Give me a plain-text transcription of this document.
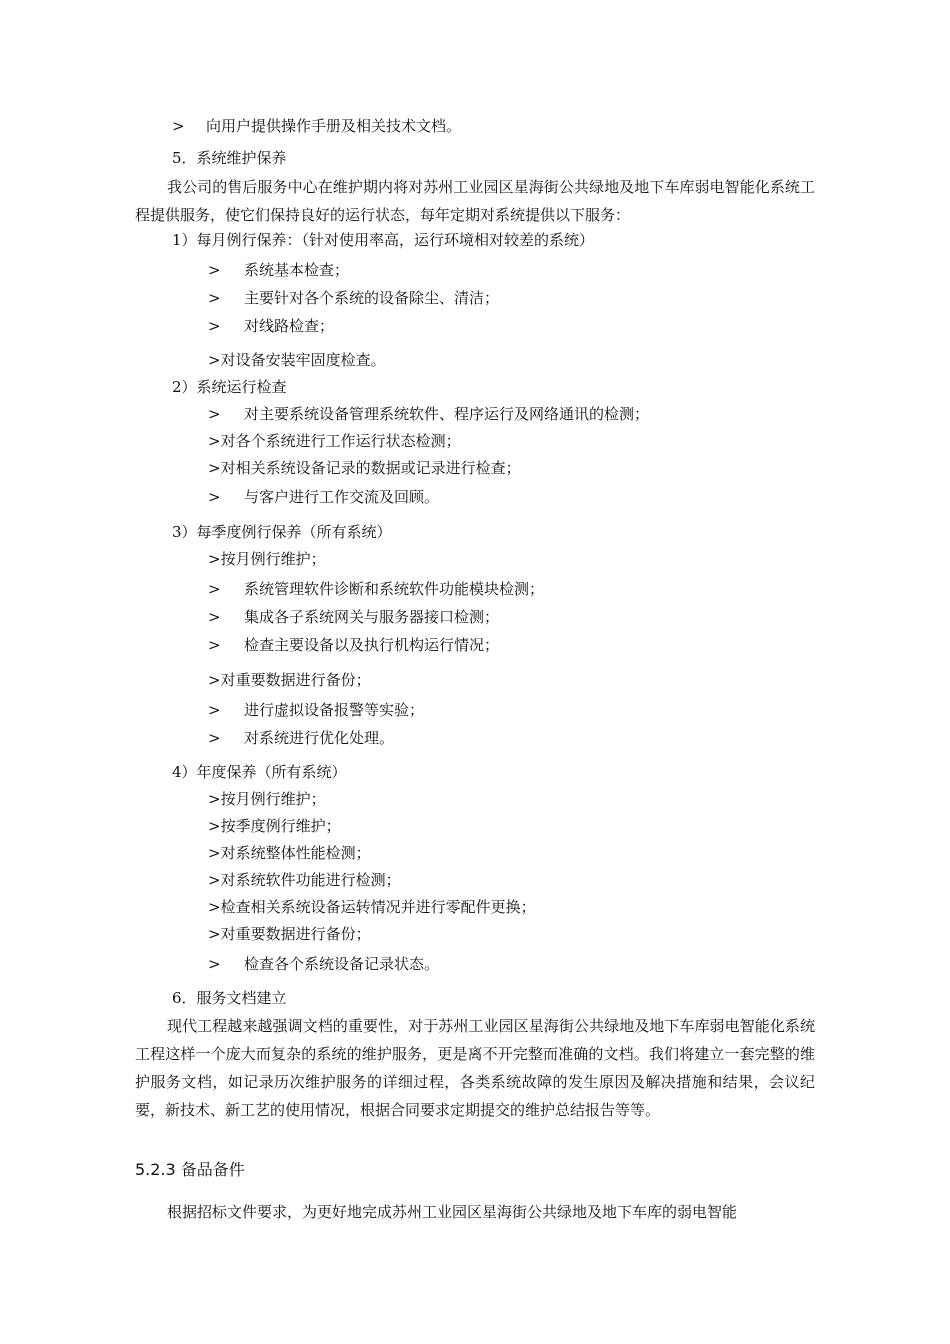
> 向用户提供操作手册及相关技术文档。
5．系统维护保养
我公司的售后服务中心在维护期内将对苏州工业园区星海街公共绿地及地下车库弱电智能化系统工程提供服务，使它们保持良好的运行状态，每年定期对系统提供以下服务：
1）每月例行保养：（针对使用率高，运行环境相对较差的系统）
> 系统基本检查；
> 主要针对各个系统的设备除尘、清洁；
> 对线路检查；
>对设备安装牢固度检查。
2）系统运行检查
> 对主要系统设备管理系统软件、程序运行及网络通讯的检测；
>对各个系统进行工作运行状态检测；
>对相关系统设备记录的数据或记录进行检查；
> 与客户进行工作交流及回顾。
3）每季度例行保养（所有系统）
>按月例行维护；
> 系统管理软件诊断和系统软件功能模块检测；
> 集成各子系统网关与服务器接口检测；
> 检查主要设备以及执行机构运行情况；
>对重要数据进行备份；
> 进行虚拟设备报警等实验；
> 对系统进行优化处理。
4）年度保养（所有系统）
>按月例行维护；
>按季度例行维护；
>对系统整体性能检测；
>对系统软件功能进行检测；
>检查相关系统设备运转情况并进行零配件更换；
>对重要数据进行备份；
> 检查各个系统设备记录状态。
6．服务文档建立
现代工程越来越强调文档的重要性，对于苏州工业园区星海街公共绿地及地下车库弱电智能化系统工程这样一个庞大而复杂的系统的维护服务，更是离不开完整而准确的文档。我们将建立一套完整的维护服务文档，如记录历次维护服务的详细过程，各类系统故障的发生原因及解决措施和结果，会议纪要，新技术、新工艺的使用情况，根据合同要求定期提交的维护总结报告等等。
5.2.3 备品备件
根据招标文件要求，为更好地完成苏州工业园区星海街公共绿地及地下车库的弱电智能
